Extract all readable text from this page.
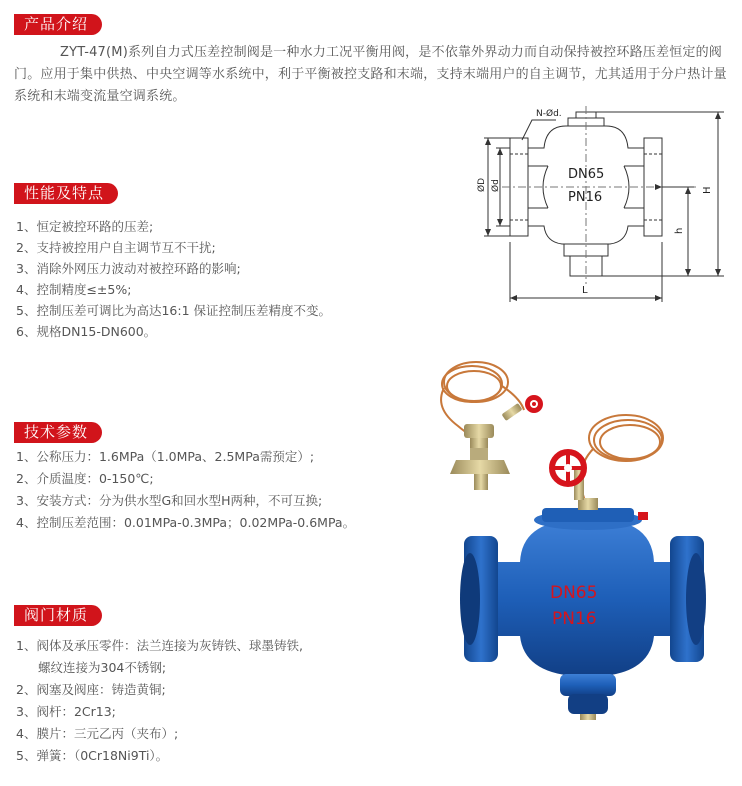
产品介绍

ZYT-47(M)系列自力式压差控制阀是一种水力工况平衡用阀，是不依靠外界动力而自动保持被控环路压差恒定的阀门。应用于集中供热、中央空调等水系统中，利于平衡被控支路和末端，支持末端用户的自主调节，尤其适用于分户热计量系统和末端变流量空调系统。

性能及特点
1、恒定被控环路的压差;
2、支持被控用户自主调节互不干扰;
3、消除外网压力波动对被控环路的影响;
4、控制精度≤±5%;
5、控制压差可调比为高达16:1 保证控制压差精度不变。
6、规格DN15-DN600。
技术参数
1、公称压力：1.6MPa（1.0MPa、2.5MPa需预定）;
2、介质温度：0-150℃;
3、安装方式：分为供水型G和回水型H两种，不可互换;
4、控制压差范围：0.01MPa-0.3MPa；0.02MPa-0.6MPa。
阀门材质
1、阀体及承压零件：法兰连接为灰铸铁、球墨铸铁,
螺纹连接为304不锈钢;
2、阀塞及阀座：铸造黄铜;
3、阀杆：2Cr13;
4、膜片：三元乙丙（夹布）;
5、弹簧：（0Cr18Ni9Ti）。
N-Ød.
DN65
PN16
ØD Ød	H
h
L
DN65
PN16
